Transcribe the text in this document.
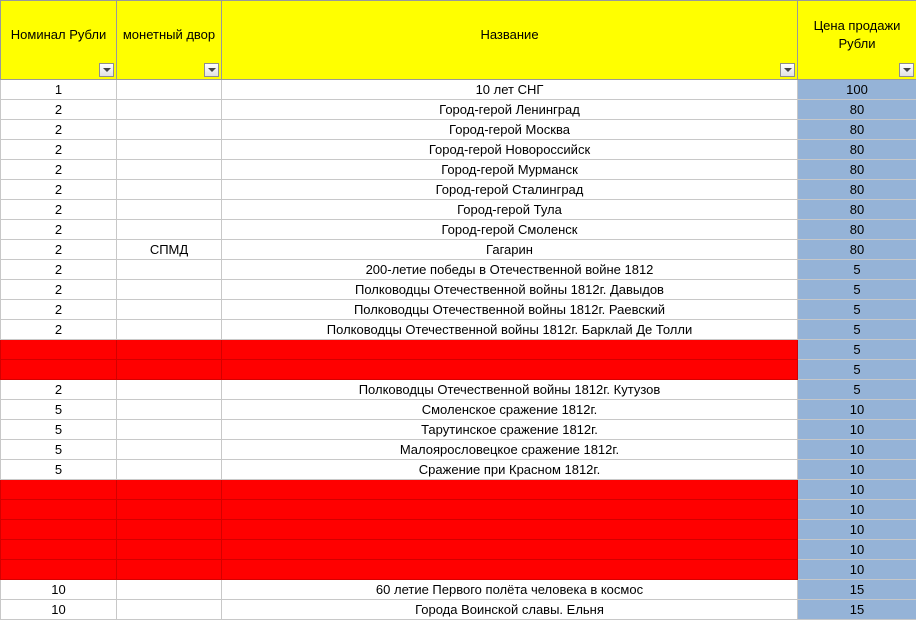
Номинал Рубли	монетный двор	Название	Цена продажи Рубли

1		10 лет СНГ	100
2		Город-герой Ленинград	80
2		Город-герой Москва	80
2		Город-герой Новороссийск	80
2		Город-герой Мурманск	80
2		Город-герой Сталинград	80
2		Город-герой Тула	80
2		Город-герой Смоленск	80
2	СПМД	Гагарин	80
2		200-летие победы в Отечественной войне 1812	5
2		Полководцы Отечественной войны 1812г. Давыдов	5
2		Полководцы Отечественной войны 1812г. Раевский	5
2		Полководцы Отечественной войны 1812г. Барклай Де Толли	5
			5
			5
2		Полководцы Отечественной войны 1812г. Кутузов	5
5		Смоленское сражение 1812г.	10
5		Тарутинское сражение 1812г.	10
5		Малоярословецкое сражение 1812г.	10
5		Сражение при Красном 1812г.	10
			10
			10
			10
			10
			10
10		60 летие Первого полёта человека в космос	15
10		Города Воинской славы. Ельня	15
